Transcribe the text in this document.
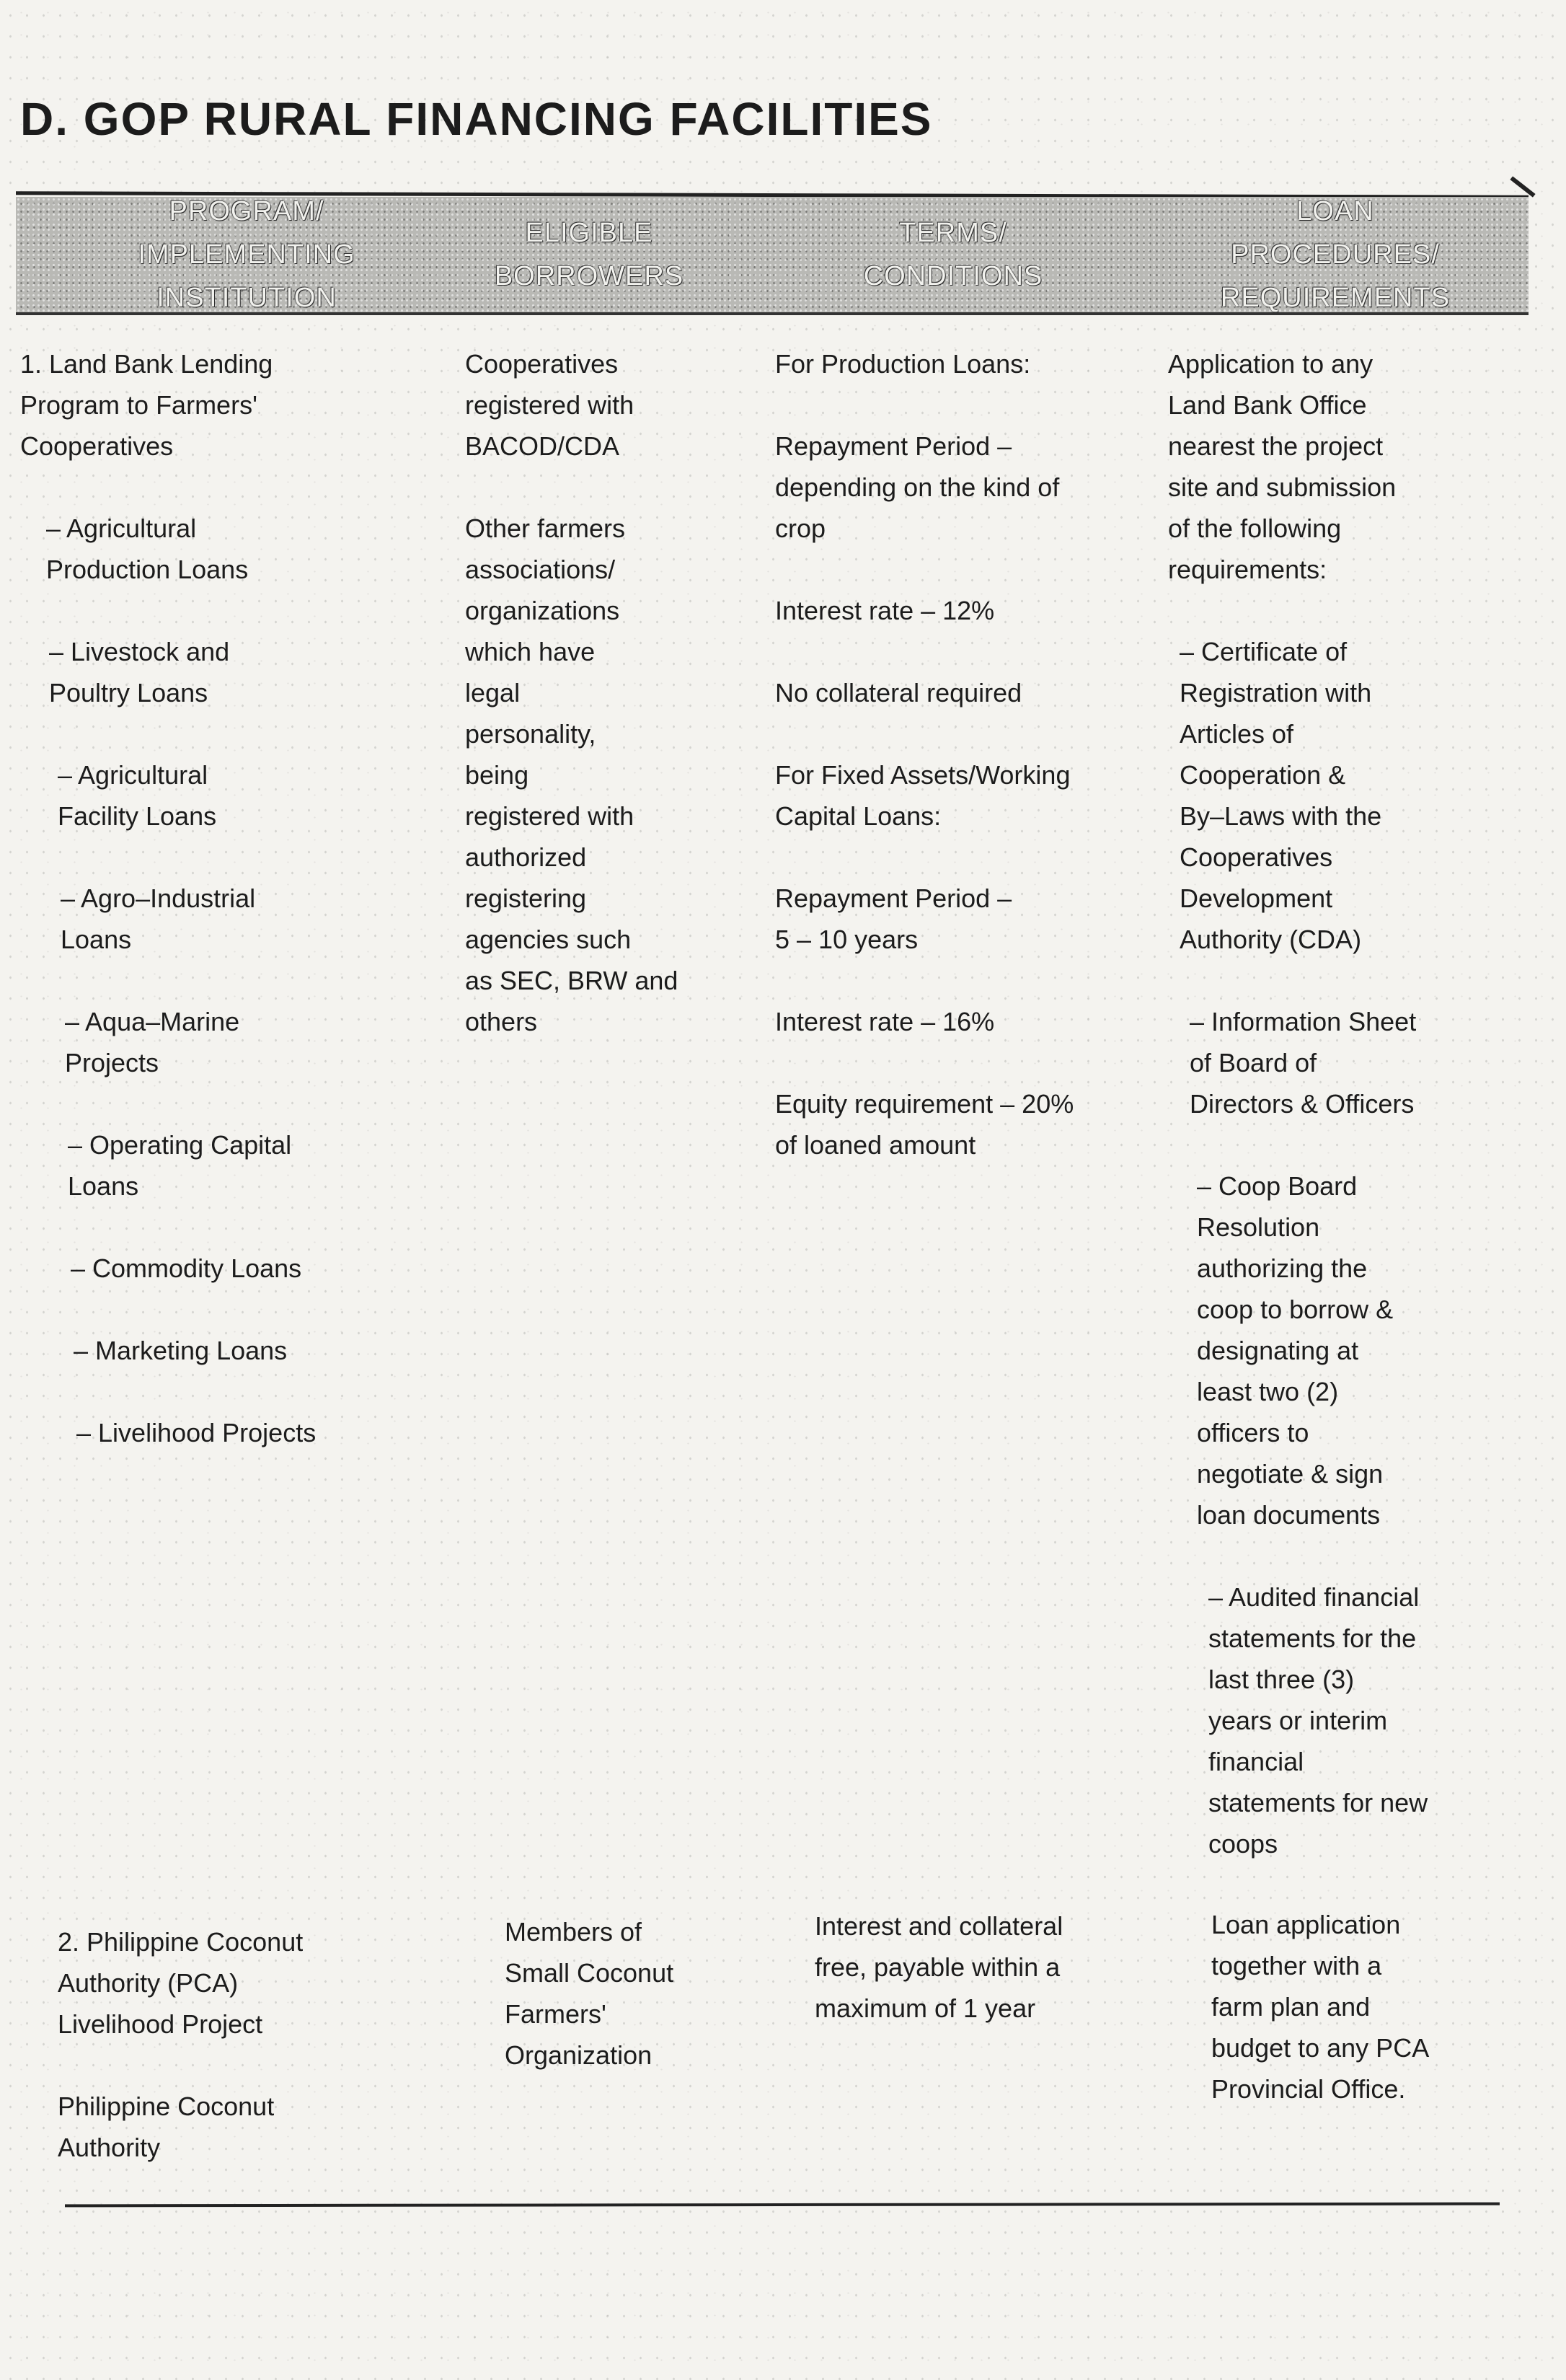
D. GOP RURAL FINANCING FACILITIES
PROGRAM/
IMPLEMENTING
INSTITUTION
ELIGIBLE
BORROWERS
TERMS/
CONDITIONS
LOAN
PROCEDURES/
REQUIREMENTS
1. Land Bank Lending
Program to Farmers'
Cooperatives
– Agricultural
Production Loans
– Livestock and
Poultry Loans
– Agricultural
Facility Loans
– Agro–Industrial
Loans
– Aqua–Marine
Projects
– Operating Capital
Loans
– Commodity Loans
– Marketing Loans
– Livelihood Projects
Cooperatives
registered with
BACOD/CDA
Other farmers
associations/
organizations
which have
legal
personality,
being
registered with
authorized
registering
agencies such
as SEC, BRW and
others
For Production Loans:
Repayment Period –
depending on the kind of
crop
Interest rate – 12%
No collateral required
For Fixed Assets/Working
Capital Loans:
Repayment Period –
5 – 10 years
Interest rate – 16%
Equity requirement – 20%
of loaned amount
Application to any
Land Bank Office
nearest the project
site and submission
of the following
requirements:
– Certificate of
Registration with
Articles of
Cooperation &
By–Laws with the
Cooperatives
Development
Authority (CDA)
– Information Sheet
of Board of
Directors & Officers
– Coop Board
Resolution
authorizing the
coop to borrow &
designating at
least two (2)
officers to
negotiate & sign
loan documents
– Audited financial
statements for the
last three (3)
years or interim
financial
statements for new
coops
2. Philippine Coconut
Authority (PCA)
Livelihood Project
Philippine Coconut
Authority
Members of
Small Coconut
Farmers'
Organization
Interest and collateral
free, payable within a
maximum of 1 year
Loan application
together with a
farm plan and
budget to any PCA
Provincial Office.
